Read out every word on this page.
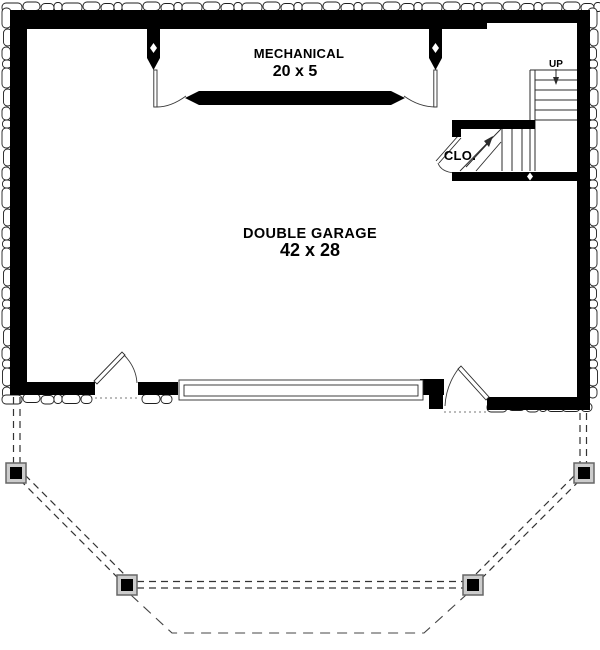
UP
MECHANICAL
20 x 5
DOUBLE GARAGE
42 x 28
CLO.
